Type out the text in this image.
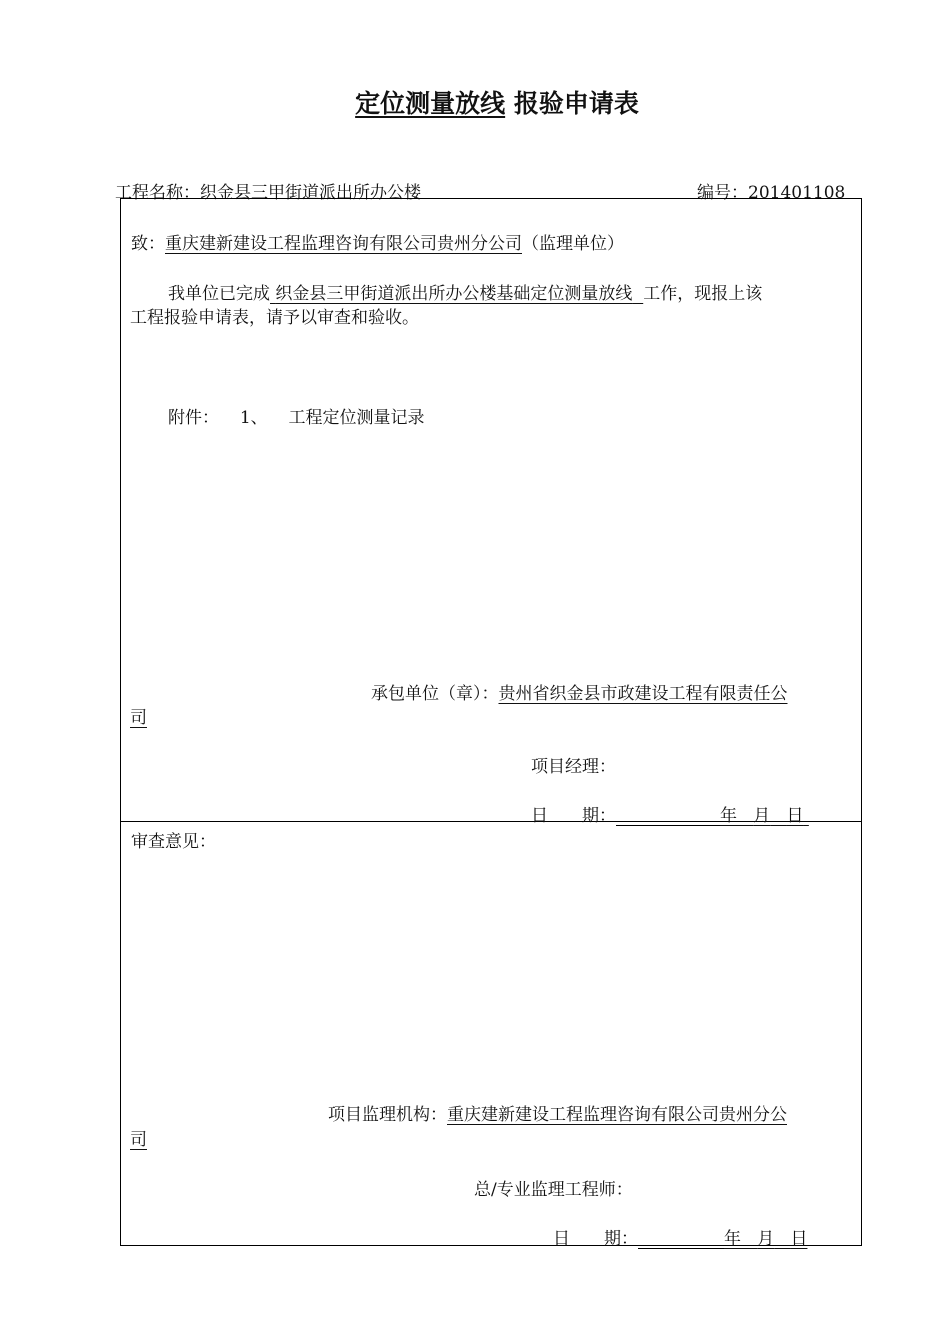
定位测量放线 报验申请表
工程名称：织金县三甲街道派出所办公楼	编号：201401108
致：重庆建新建设工程监理咨询有限公司贵州分公司（监理单位）
我单位已完成 织金县三甲街道派出所办公楼基础定位测量放线 工作，现报上该
工程报验申请表，请予以审查和验收。
附件： 1、 工程定位测量记录
承包单位（章）：贵州省织金县市政建设工程有限责任公
司
项目经理：
日　　期：	年 月 日
审查意见：
项目监理机构：重庆建新建设工程监理咨询有限公司贵州分公
司
总/专业监理工程师：
日　　期：	年 月 日
